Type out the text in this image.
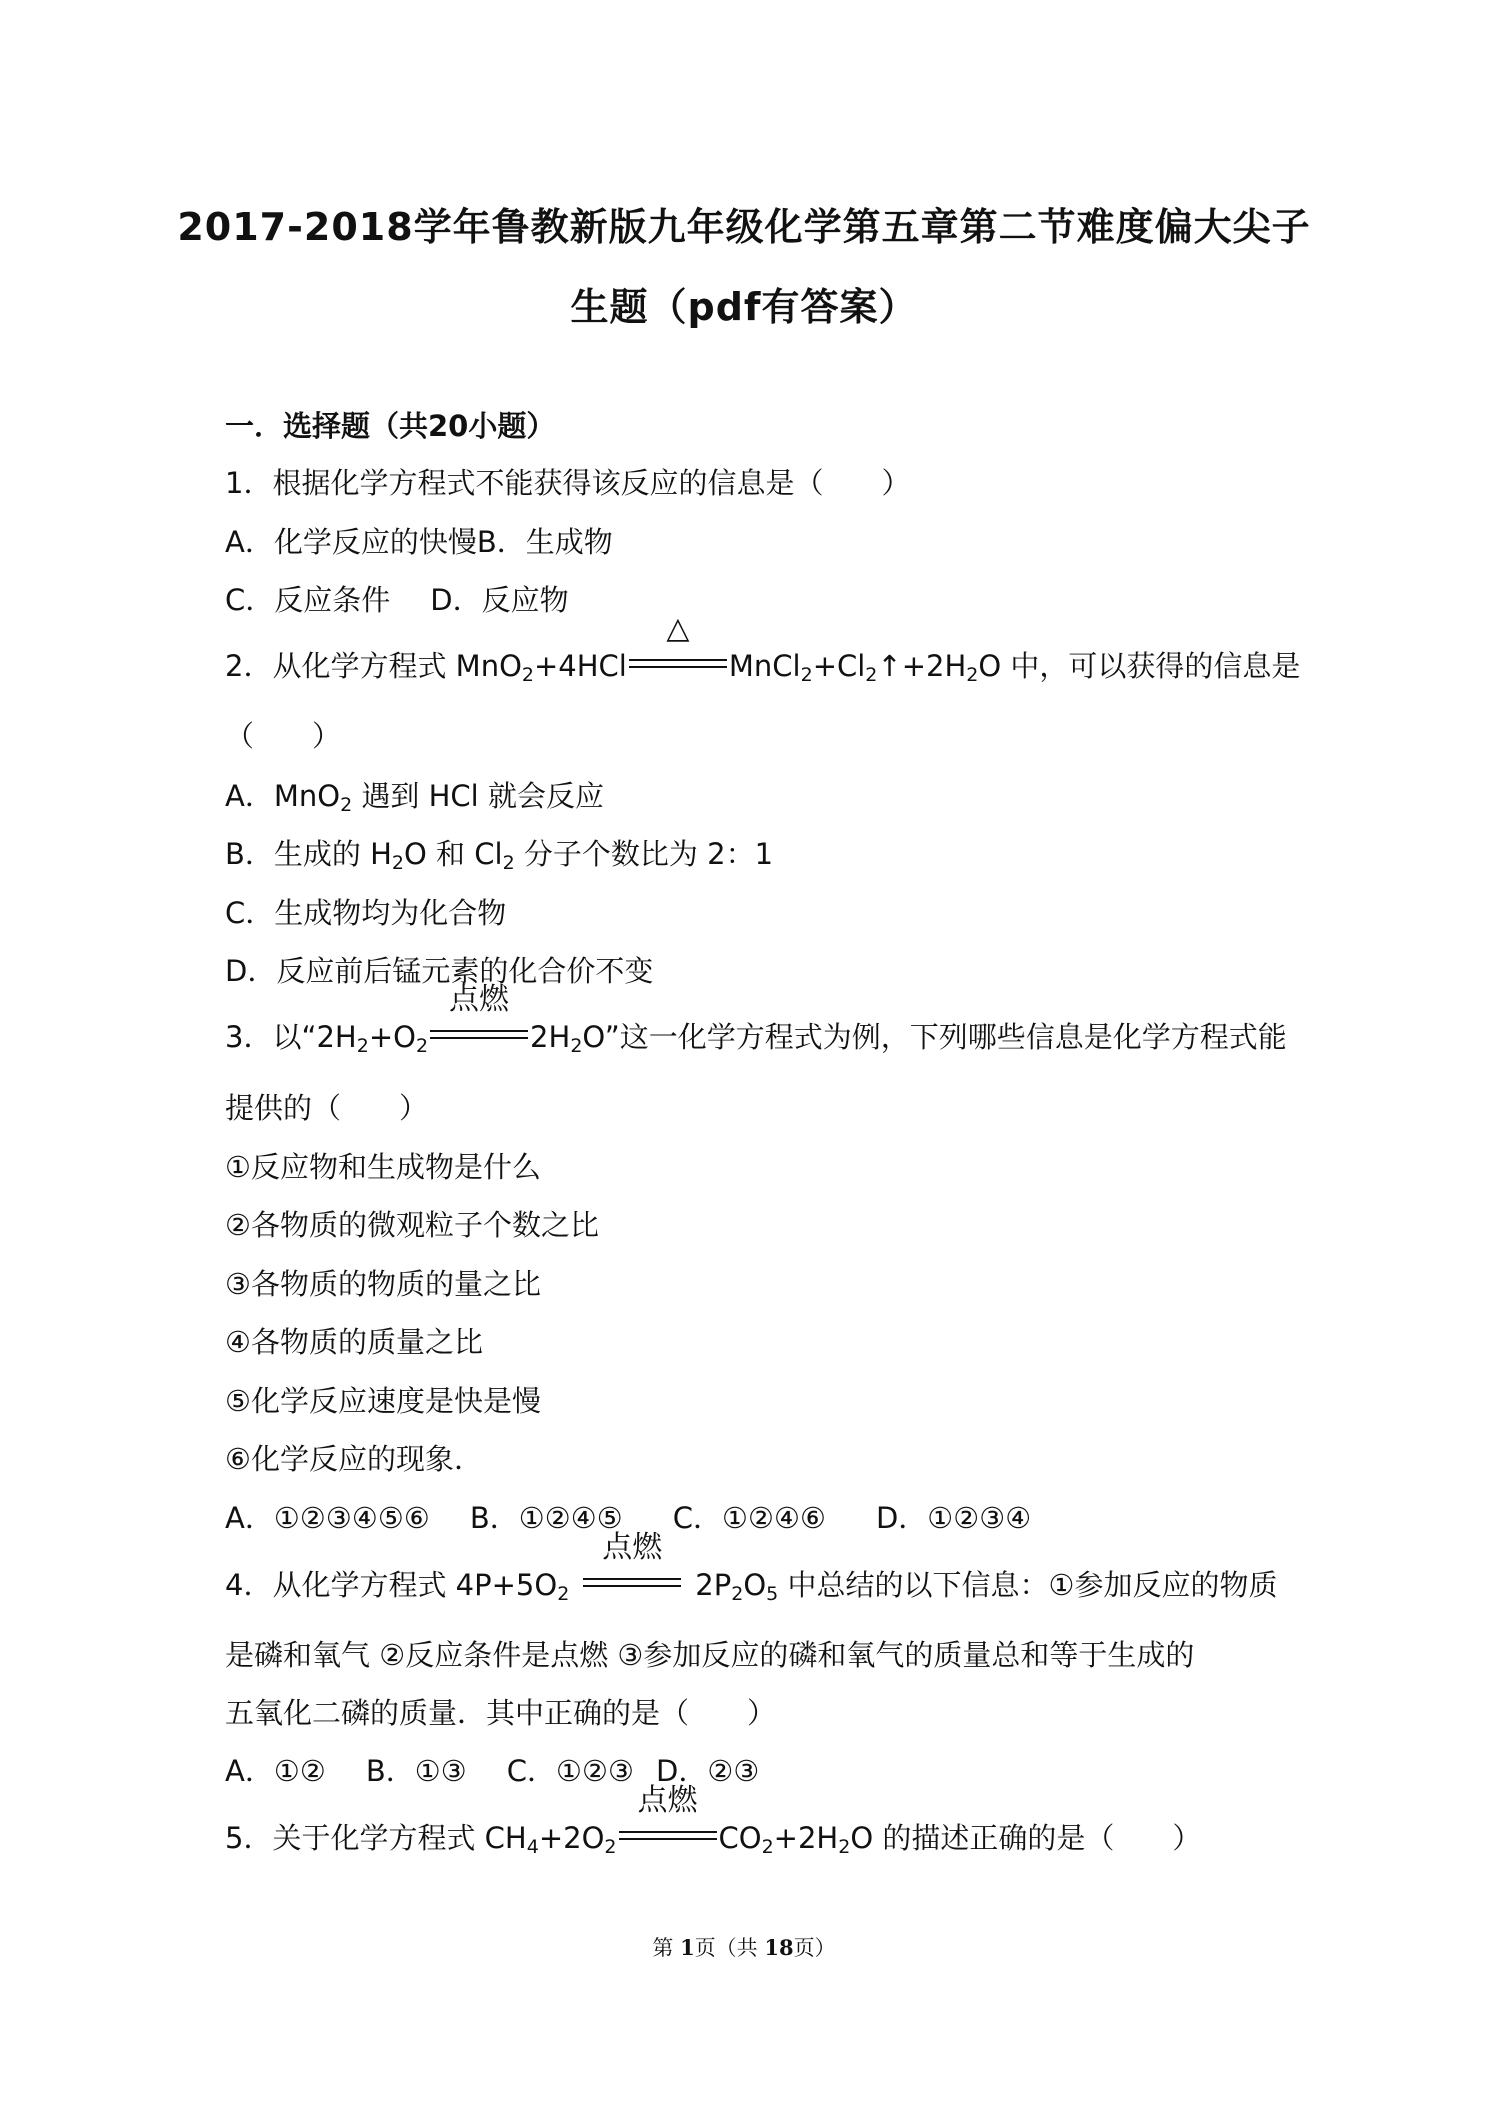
2017-2018学年鲁教新版九年级化学第五章第二节难度偏大尖子
生题（pdf有答案）
一．选择题（共20小题）
1．根据化学方程式不能获得该反应的信息是（　　）
A．化学反应的快慢B．生成物
C．反应条件 D．反应物
2．从化学方程式 MnO$_2$+4HCl
△
$MnCl_2+Cl_2↑+2H_2O$ 中，可以获得的信息是
（　　）
A．MnO$_2$ 遇到 HCl 就会反应
B．生成的 $H_2O$ 和 $Cl_2$ 分子个数比为 2：1
C．生成物均为化合物
D．反应前后锰元素的化合价不变
3．以“$2H_2+O_2$
点燃
$2H_2O$”这一化学方程式为例，下列哪些信息是化学方程式能
提供的（　　）
①反应物和生成物是什么
②各物质的微观粒子个数之比
③各物质的物质的量之比
④各物质的质量之比
⑤化学反应速度是快是慢
⑥化学反应的现象．
A．①②③④⑤⑥ B．①②④⑤ C．①②④⑥ D．①②③④
4．从化学方程式 $4P+5O_2$
点燃
$2P_2O_5$ 中总结的以下信息：①参加反应的物质
是磷和氧气 ②反应条件是点燃 ③参加反应的磷和氧气的质量总和等于生成的
五氧化二磷的质量．其中正确的是（　　）
A．①② B．①③ C．①②③ D．②③
5．关于化学方程式 $CH_4+2O_2$
点燃
$CO_2+2H_2O$ 的描述正确的是（　　）
第 1页（共 18页）
